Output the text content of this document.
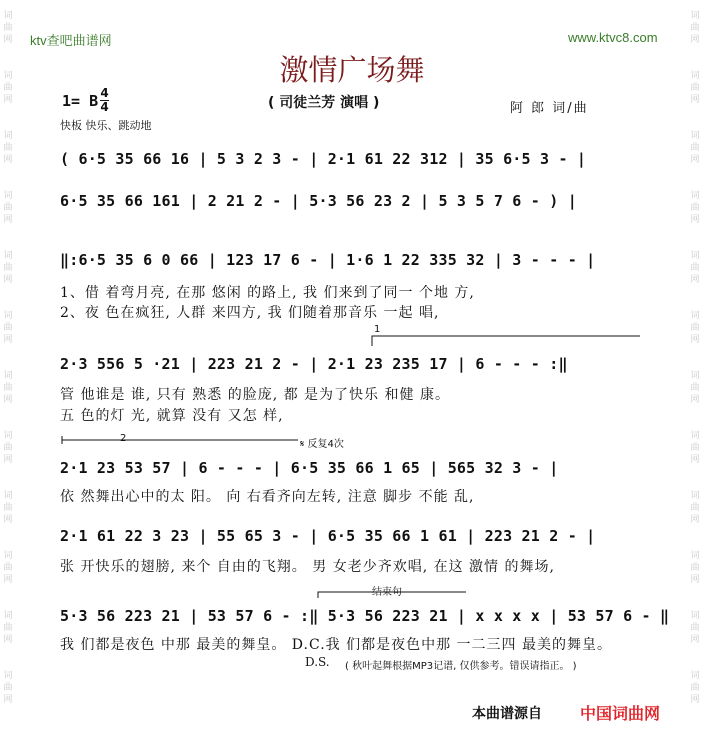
ktv查吧曲谱网	www.ktvc8.com
激情广场舞
1= B 4
4	( 司徒兰芳 演唱 )
快板 快乐、跳动地
阿 郎 词/曲
词
曲
网
词
曲
网
词
曲
网
词
曲
网
词
曲
网
词
曲
网
词
曲
网
词
曲
网
词
曲
网
词
曲
网
词
曲
网
词
曲
网
词
曲
网
词
曲
网
词
曲
网
词
曲
网
词
曲
网
词
曲
网
词
曲
网
词
曲
网
词
曲
网
词
曲
网
词
曲
网
词
曲
网
( 6·5 35 66 16 | 5 3 2 3 - | 2·1 61 22 312 | 35 6·5 3 - |
6·5 35 66 161 | 2 21 2 - | 5·3 56 23 2 | 5 3 5 7 6 - ) |
‖:6·5 35 6 0 66 | 123 17 6 - | 1·6 1 22 335 32 | 3 - - - |
1、借 着弯月亮, 在那 悠闲 的路上, 我 们来到了同一 个地 方,
2、夜 色在疯狂, 人群 来四方, 我 们随着那音乐 一起 唱,
2·3 556 5 ·21 | 223 21 2 - | 2·1 23 235 17 | 6 - - - :‖
管 他谁是 谁, 只有 熟悉 的脸庞, 都 是为了快乐 和健 康。
五 色的灯 光, 就算 没有 又怎 样,
2·1 23 53 57 | 6 - - - | 6·5 35 66 1 65 | 565 32 3 - |
依 然舞出心中的太 阳。 向 右看齐向左转, 注意 脚步 不能 乱,
2·1 61 22 3 23 | 55 65 3 - | 6·5 35 66 1 61 | 223 21 2 - |
张 开快乐的翅膀, 来个 自由的飞翔。 男 女老少齐欢唱, 在这 激情 的舞场,
5·3 56 223 21 | 53 57 6 - :‖ 5·3 56 223 21 | x x x x | 53 57 6 - ‖
我 们都是夜色 中那 最美的舞皇。 D.C.我 们都是夜色中那 一二三四 最美的舞皇。
1
2
𝄋 反复4次
结束句
D.S. ( 秋叶起舞根据MP3记谱, 仅供参考。错误请指正。 )
本曲谱源自 中国词曲网
